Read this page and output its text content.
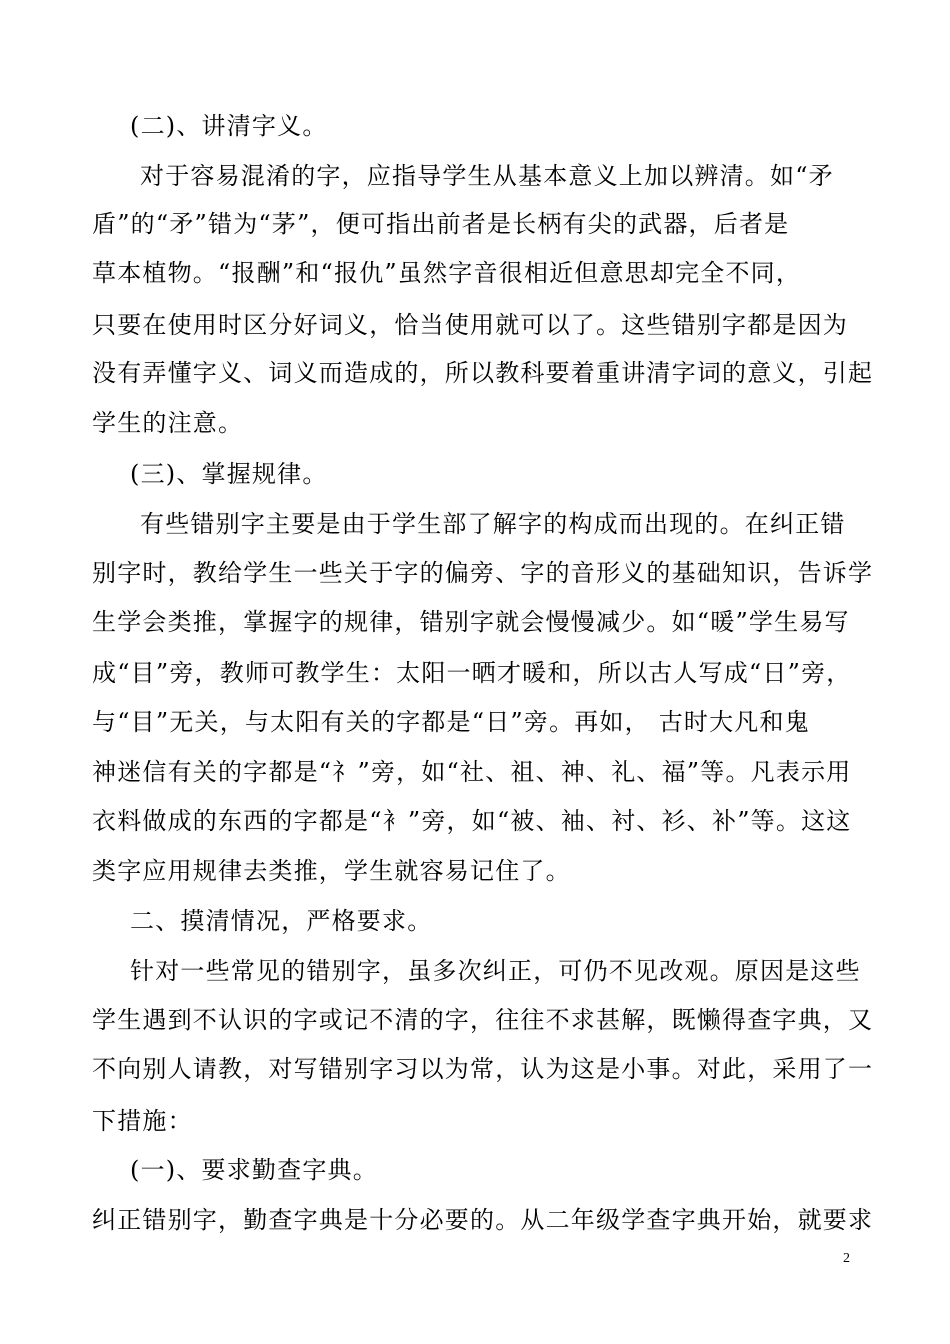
(二)、讲清字义。
对于容易混淆的字，应指导学生从基本意义上加以辨清。如“矛
盾”的“矛”错为“茅”，便可指出前者是长柄有尖的武器，后者是
草本植物。“报酬”和“报仇”虽然字音很相近但意思却完全不同，
只要在使用时区分好词义，恰当使用就可以了。这些错别字都是因为
没有弄懂字义、词义而造成的，所以教科要着重讲清字词的意义，引起
学生的注意。
(三)、掌握规律。
有些错别字主要是由于学生部了解字的构成而出现的。在纠正错
别字时，教给学生一些关于字的偏旁、字的音形义的基础知识，告诉学
生学会类推，掌握字的规律，错别字就会慢慢减少。如“暖”学生易写
成“目”旁，教师可教学生：太阳一晒才暖和，所以古人写成“日”旁，
与“目”无关，与太阳有关的字都是“日”旁。再如， 古时大凡和鬼
神迷信有关的字都是“礻”旁，如“社、祖、神、礼、福”等。凡表示用
衣料做成的东西的字都是“衤”旁，如“被、袖、衬、衫、补”等。这这
类字应用规律去类推，学生就容易记住了。
二、摸清情况，严格要求。
针对一些常见的错别字，虽多次纠正，可仍不见改观。原因是这些
学生遇到不认识的字或记不清的字，往往不求甚解，既懒得查字典，又
不向别人请教，对写错别字习以为常，认为这是小事。对此，采用了一
下措施：
(一)、要求勤查字典。
纠正错别字，勤查字典是十分必要的。从二年级学查字典开始，就要求
2
